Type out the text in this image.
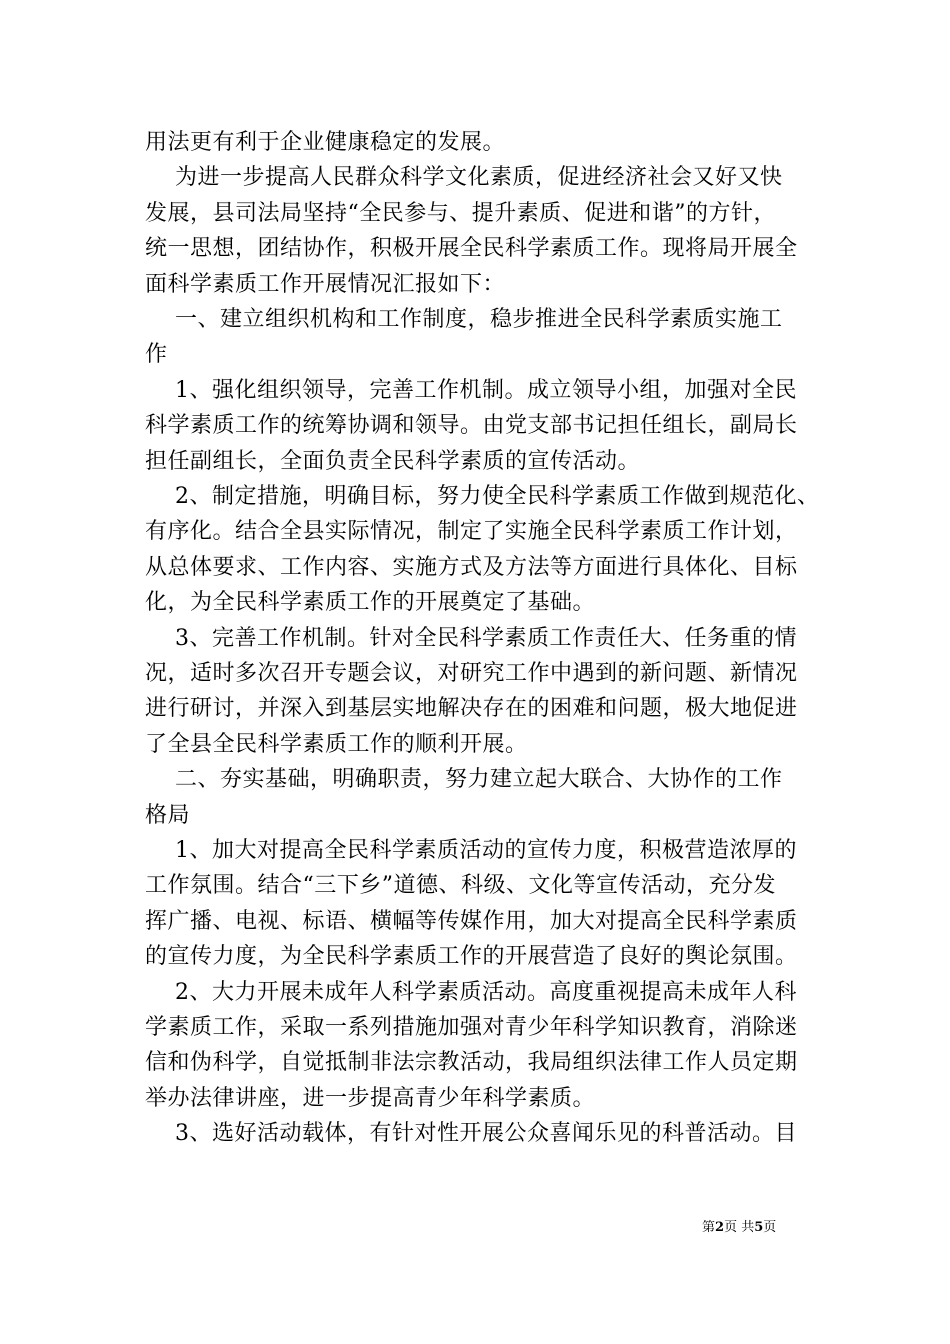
用法更有利于企业健康稳定的发展。
为进一步提高人民群众科学文化素质，促进经济社会又好又快
发展，县司法局坚持“全民参与、提升素质、促进和谐”的方针，
统一思想，团结协作，积极开展全民科学素质工作。现将局开展全
面科学素质工作开展情况汇报如下：
一、建立组织机构和工作制度，稳步推进全民科学素质实施工
作
1、强化组织领导，完善工作机制。成立领导小组，加强对全民
科学素质工作的统筹协调和领导。由党支部书记担任组长，副局长
担任副组长，全面负责全民科学素质的宣传活动。
2、制定措施，明确目标，努力使全民科学素质工作做到规范化、
有序化。结合全县实际情况，制定了实施全民科学素质工作计划，
从总体要求、工作内容、实施方式及方法等方面进行具体化、目标
化，为全民科学素质工作的开展奠定了基础。
3、完善工作机制。针对全民科学素质工作责任大、任务重的情
况，适时多次召开专题会议，对研究工作中遇到的新问题、新情况
进行研讨，并深入到基层实地解决存在的困难和问题，极大地促进
了全县全民科学素质工作的顺利开展。
二、夯实基础，明确职责，努力建立起大联合、大协作的工作
格局
1、加大对提高全民科学素质活动的宣传力度，积极营造浓厚的
工作氛围。结合“三下乡”道德、科级、文化等宣传活动，充分发
挥广播、电视、标语、横幅等传媒作用，加大对提高全民科学素质
的宣传力度，为全民科学素质工作的开展营造了良好的舆论氛围。
2、大力开展未成年人科学素质活动。高度重视提高未成年人科
学素质工作，采取一系列措施加强对青少年科学知识教育，消除迷
信和伪科学，自觉抵制非法宗教活动，我局组织法律工作人员定期
举办法律讲座，进一步提高青少年科学素质。
3、选好活动载体，有针对性开展公众喜闻乐见的科普活动。目
第2页 共5页
